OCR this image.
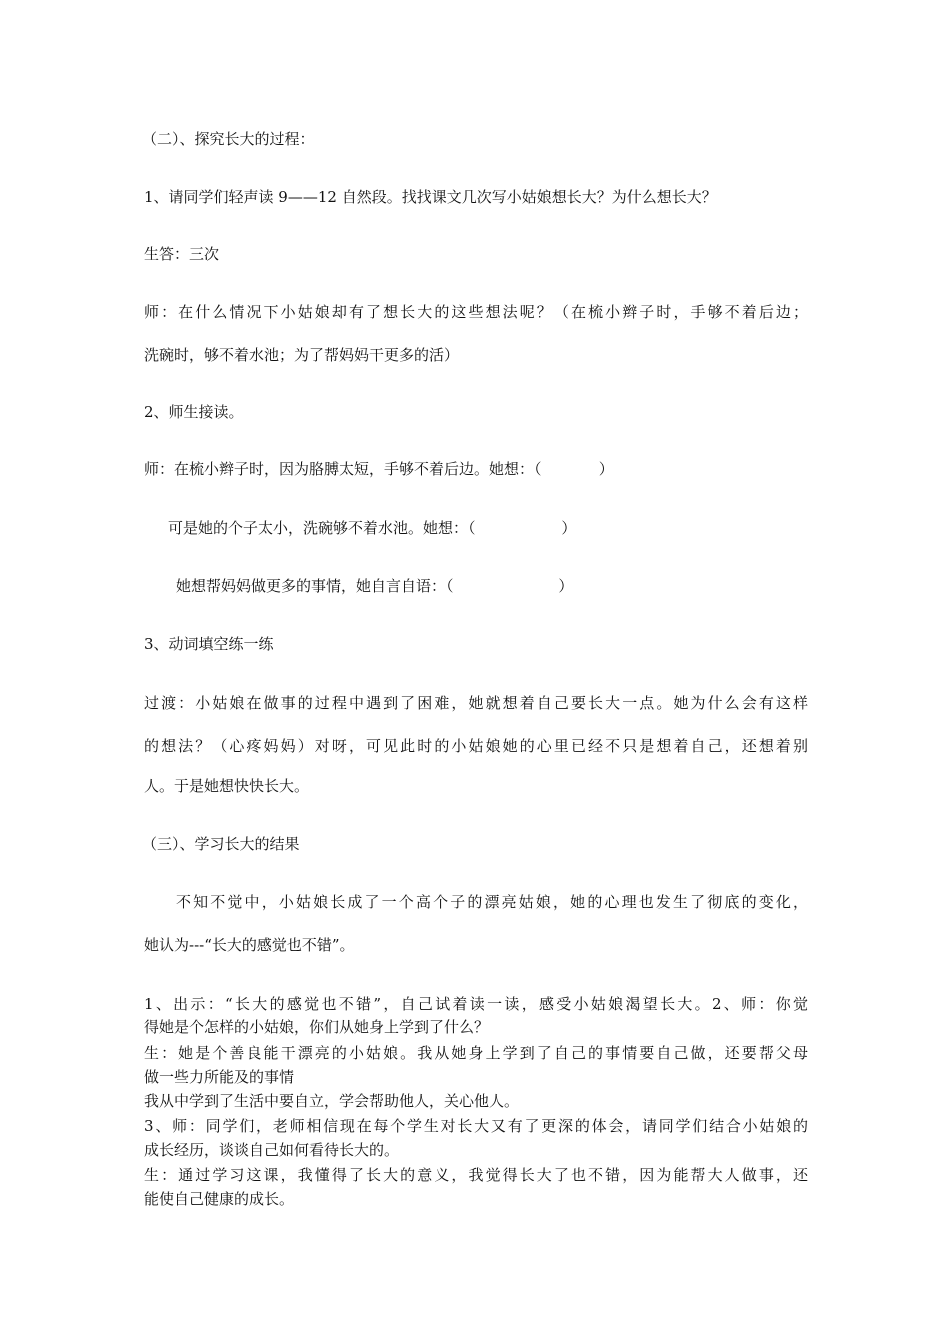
（二）、探究长大的过程：
1、请同学们轻声读 9——12 自然段。找找课文几次写小姑娘想长大？为什么想长大？
生答：三次
师：在什么情况下小姑娘却有了想长大的这些想法呢？（在梳小辫子时，手够不着后边；
洗碗时，够不着水池；为了帮妈妈干更多的活）
2、师生接读。
师：在梳小辫子时，因为胳膊太短，手够不着后边。她想：（            ）
可是她的个子太小，洗碗够不着水池。她想：（                  ）
她想帮妈妈做更多的事情，她自言自语：（                      ）
3、动词填空练一练
过渡：小姑娘在做事的过程中遇到了困难，她就想着自己要长大一点。她为什么会有这样
的想法？（心疼妈妈）对呀，可见此时的小姑娘她的心里已经不只是想着自己，还想着别
人。于是她想快快长大。
（三）、学习长大的结果
不知不觉中，小姑娘长成了一个高个子的漂亮姑娘，她的心理也发生了彻底的变化，
她认为---“长大的感觉也不错”。
1、出示：“长大的感觉也不错”，自己试着读一读，感受小姑娘渴望长大。2、师：你觉
得她是个怎样的小姑娘，你们从她身上学到了什么？
生：她是个善良能干漂亮的小姑娘。我从她身上学到了自己的事情要自己做，还要帮父母
做一些力所能及的事情
我从中学到了生活中要自立，学会帮助他人，关心他人。
3、师：同学们，老师相信现在每个学生对长大又有了更深的体会，请同学们结合小姑娘的
成长经历，谈谈自己如何看待长大的。
生：通过学习这课，我懂得了长大的意义，我觉得长大了也不错，因为能帮大人做事，还
能使自己健康的成长。
